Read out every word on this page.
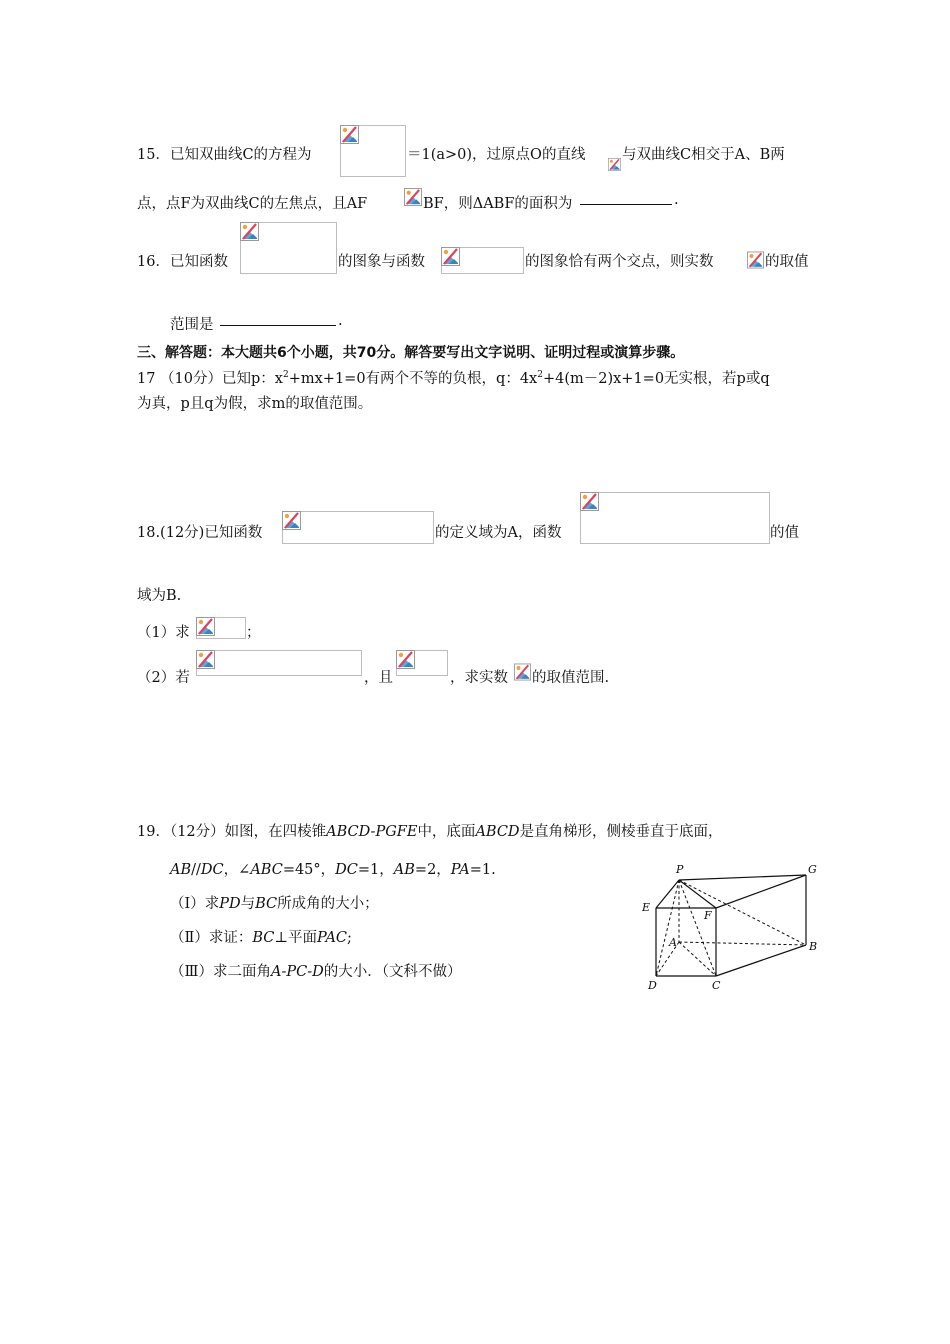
15．已知双曲线C的方程为	＝1(a>0)，过原点O的直线	与双曲线C相交于A、B两
点，点F为双曲线C的左焦点，且AF	BF，则ΔABF的面积为	.
16．已知函数	的图象与函数	的图象恰有两个交点，则实数	的取值
范围是	.
三、解答题：本大题共6个小题，共70分。解答要写出文字说明、证明过程或演算步骤。
17 （10分）已知p：$x^2+mx+1=0$有两个不等的负根，q：$4x^2+4(m-2)x+1=0$无实根，若p或q
为真，p且q为假，求m的取值范围。
18.(12分)已知函数	的定义域为A，函数	的值
域为B.
（1）求	；
（2）若	，且	，求实数 的取值范围.
19．（12分）如图，在四棱锥ABCD-PGFE中，底面ABCD是直角梯形，侧棱垂直于底面，
AB//DC，∠ABC=45°，DC=1，AB=2，PA=1.
（Ⅰ）求PD与BC所成角的大小；
（Ⅱ）求证：BC⊥平面PAC;
（Ⅲ）求二面角A-PC-D的大小．（文科不做）
P	G
E
F
A	B
D	C
